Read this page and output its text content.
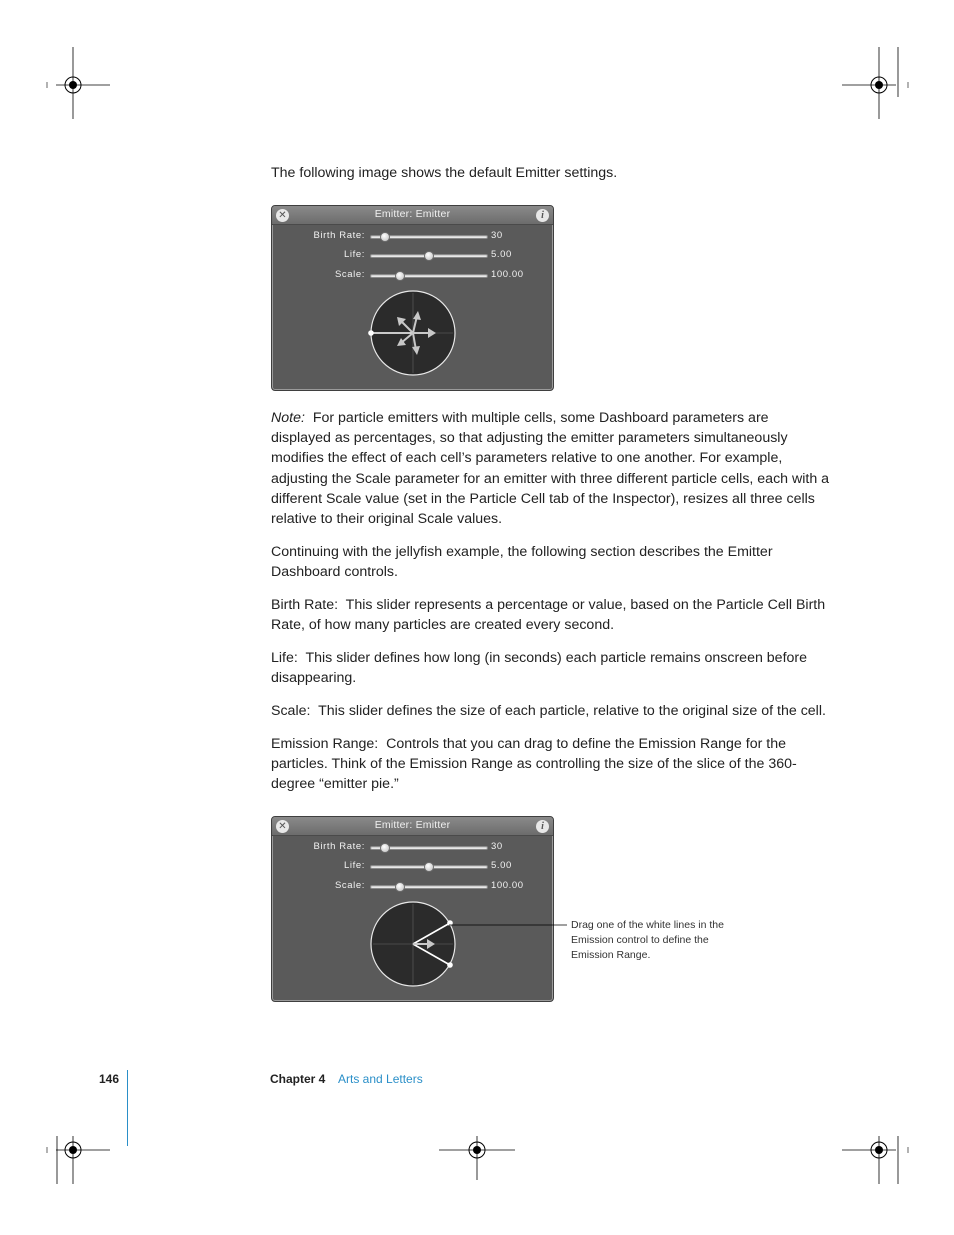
The following image shows the default Emitter settings.

✕	Emitter: Emitter	i
Birth Rate:	30
Life:	5.00
Scale:	100.00

Note: For particle emitters with multiple cells, some Dashboard parameters are displayed as percentages, so that adjusting the emitter parameters simultaneously modifies the effect of each cell’s parameters relative to one another. For example, adjusting the Scale parameter for an emitter with three different particle cells, each with a different Scale value (set in the Particle Cell tab of the Inspector), resizes all three cells relative to their original Scale values.

Continuing with the jellyfish example, the following section describes the Emitter Dashboard controls.

Birth Rate: This slider represents a percentage or value, based on the Particle Cell Birth Rate, of how many particles are created every second.

Life: This slider defines how long (in seconds) each particle remains onscreen before disappearing.

Scale: This slider defines the size of each particle, relative to the original size of the cell.

Emission Range: Controls that you can drag to define the Emission Range for the particles. Think of the Emission Range as controlling the size of the slice of the 360-degree “emitter pie.”

✕	Emitter: Emitter	i
Birth Rate:	30
Life:	5.00
Scale:	100.00

Drag one of the white lines in the Emission control to define the Emission Range.

146	Chapter 4 Arts and Letters
